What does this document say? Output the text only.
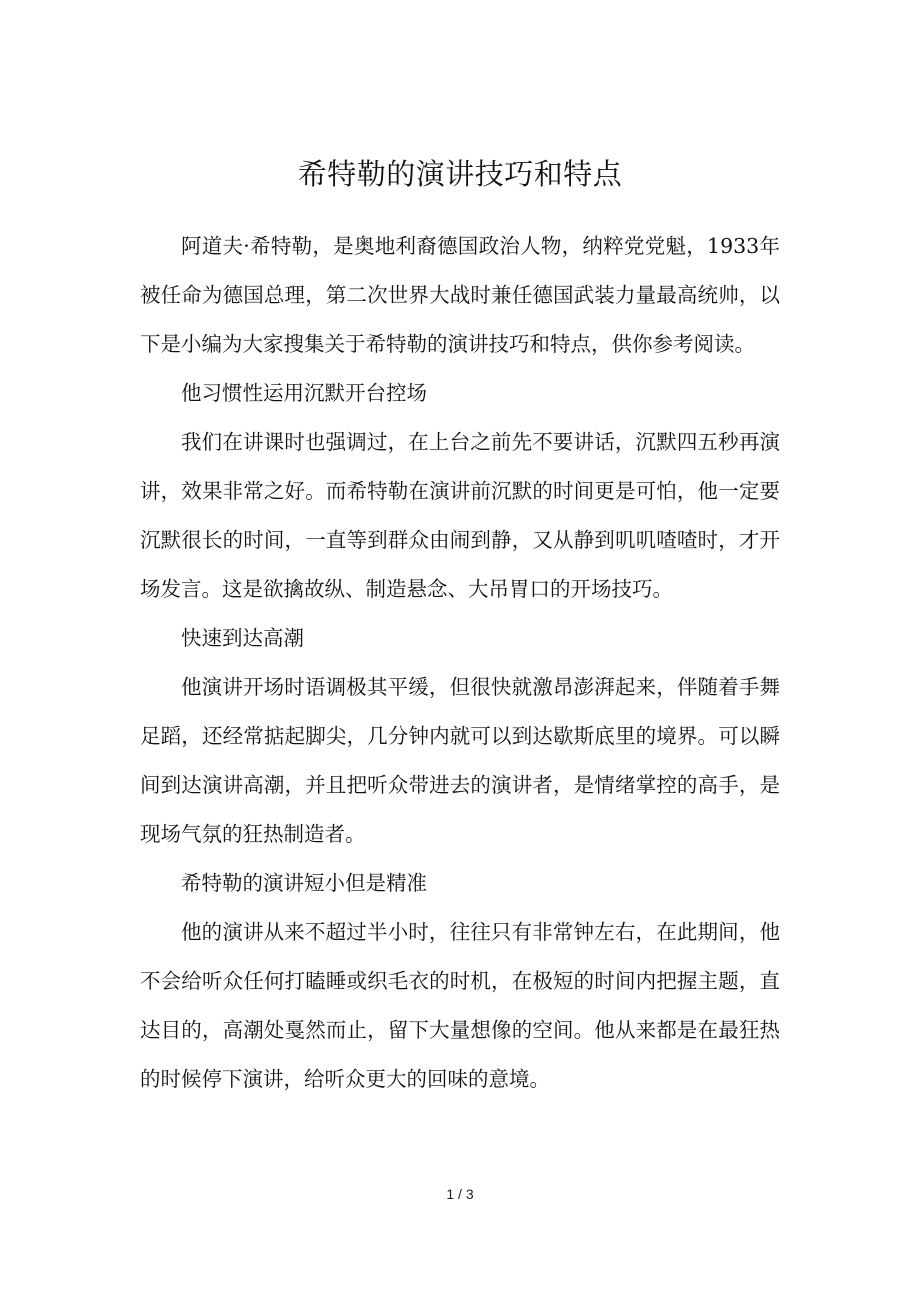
希特勒的演讲技巧和特点

阿道夫·希特勒，是奥地利裔德国政治人物，纳粹党党魁，1933年被任命为德国总理，第二次世界大战时兼任德国武装力量最高统帅，以下是小编为大家搜集关于希特勒的演讲技巧和特点，供你参考阅读。

他习惯性运用沉默开台控场

我们在讲课时也强调过，在上台之前先不要讲话，沉默四五秒再演讲，效果非常之好。而希特勒在演讲前沉默的时间更是可怕，他一定要沉默很长的时间，一直等到群众由闹到静，又从静到叽叽喳喳时，才开场发言。这是欲擒故纵、制造悬念、大吊胃口的开场技巧。

快速到达高潮

他演讲开场时语调极其平缓，但很快就激昂澎湃起来，伴随着手舞足蹈，还经常掂起脚尖，几分钟内就可以到达歇斯底里的境界。可以瞬间到达演讲高潮，并且把听众带进去的演讲者，是情绪掌控的高手，是现场气氛的狂热制造者。

希特勒的演讲短小但是精准

他的演讲从来不超过半小时，往往只有非常钟左右，在此期间，他不会给听众任何打瞌睡或织毛衣的时机，在极短的时间内把握主题，直达目的，高潮处戛然而止，留下大量想像的空间。他从来都是在最狂热的时候停下演讲，给听众更大的回味的意境。

1 / 3
